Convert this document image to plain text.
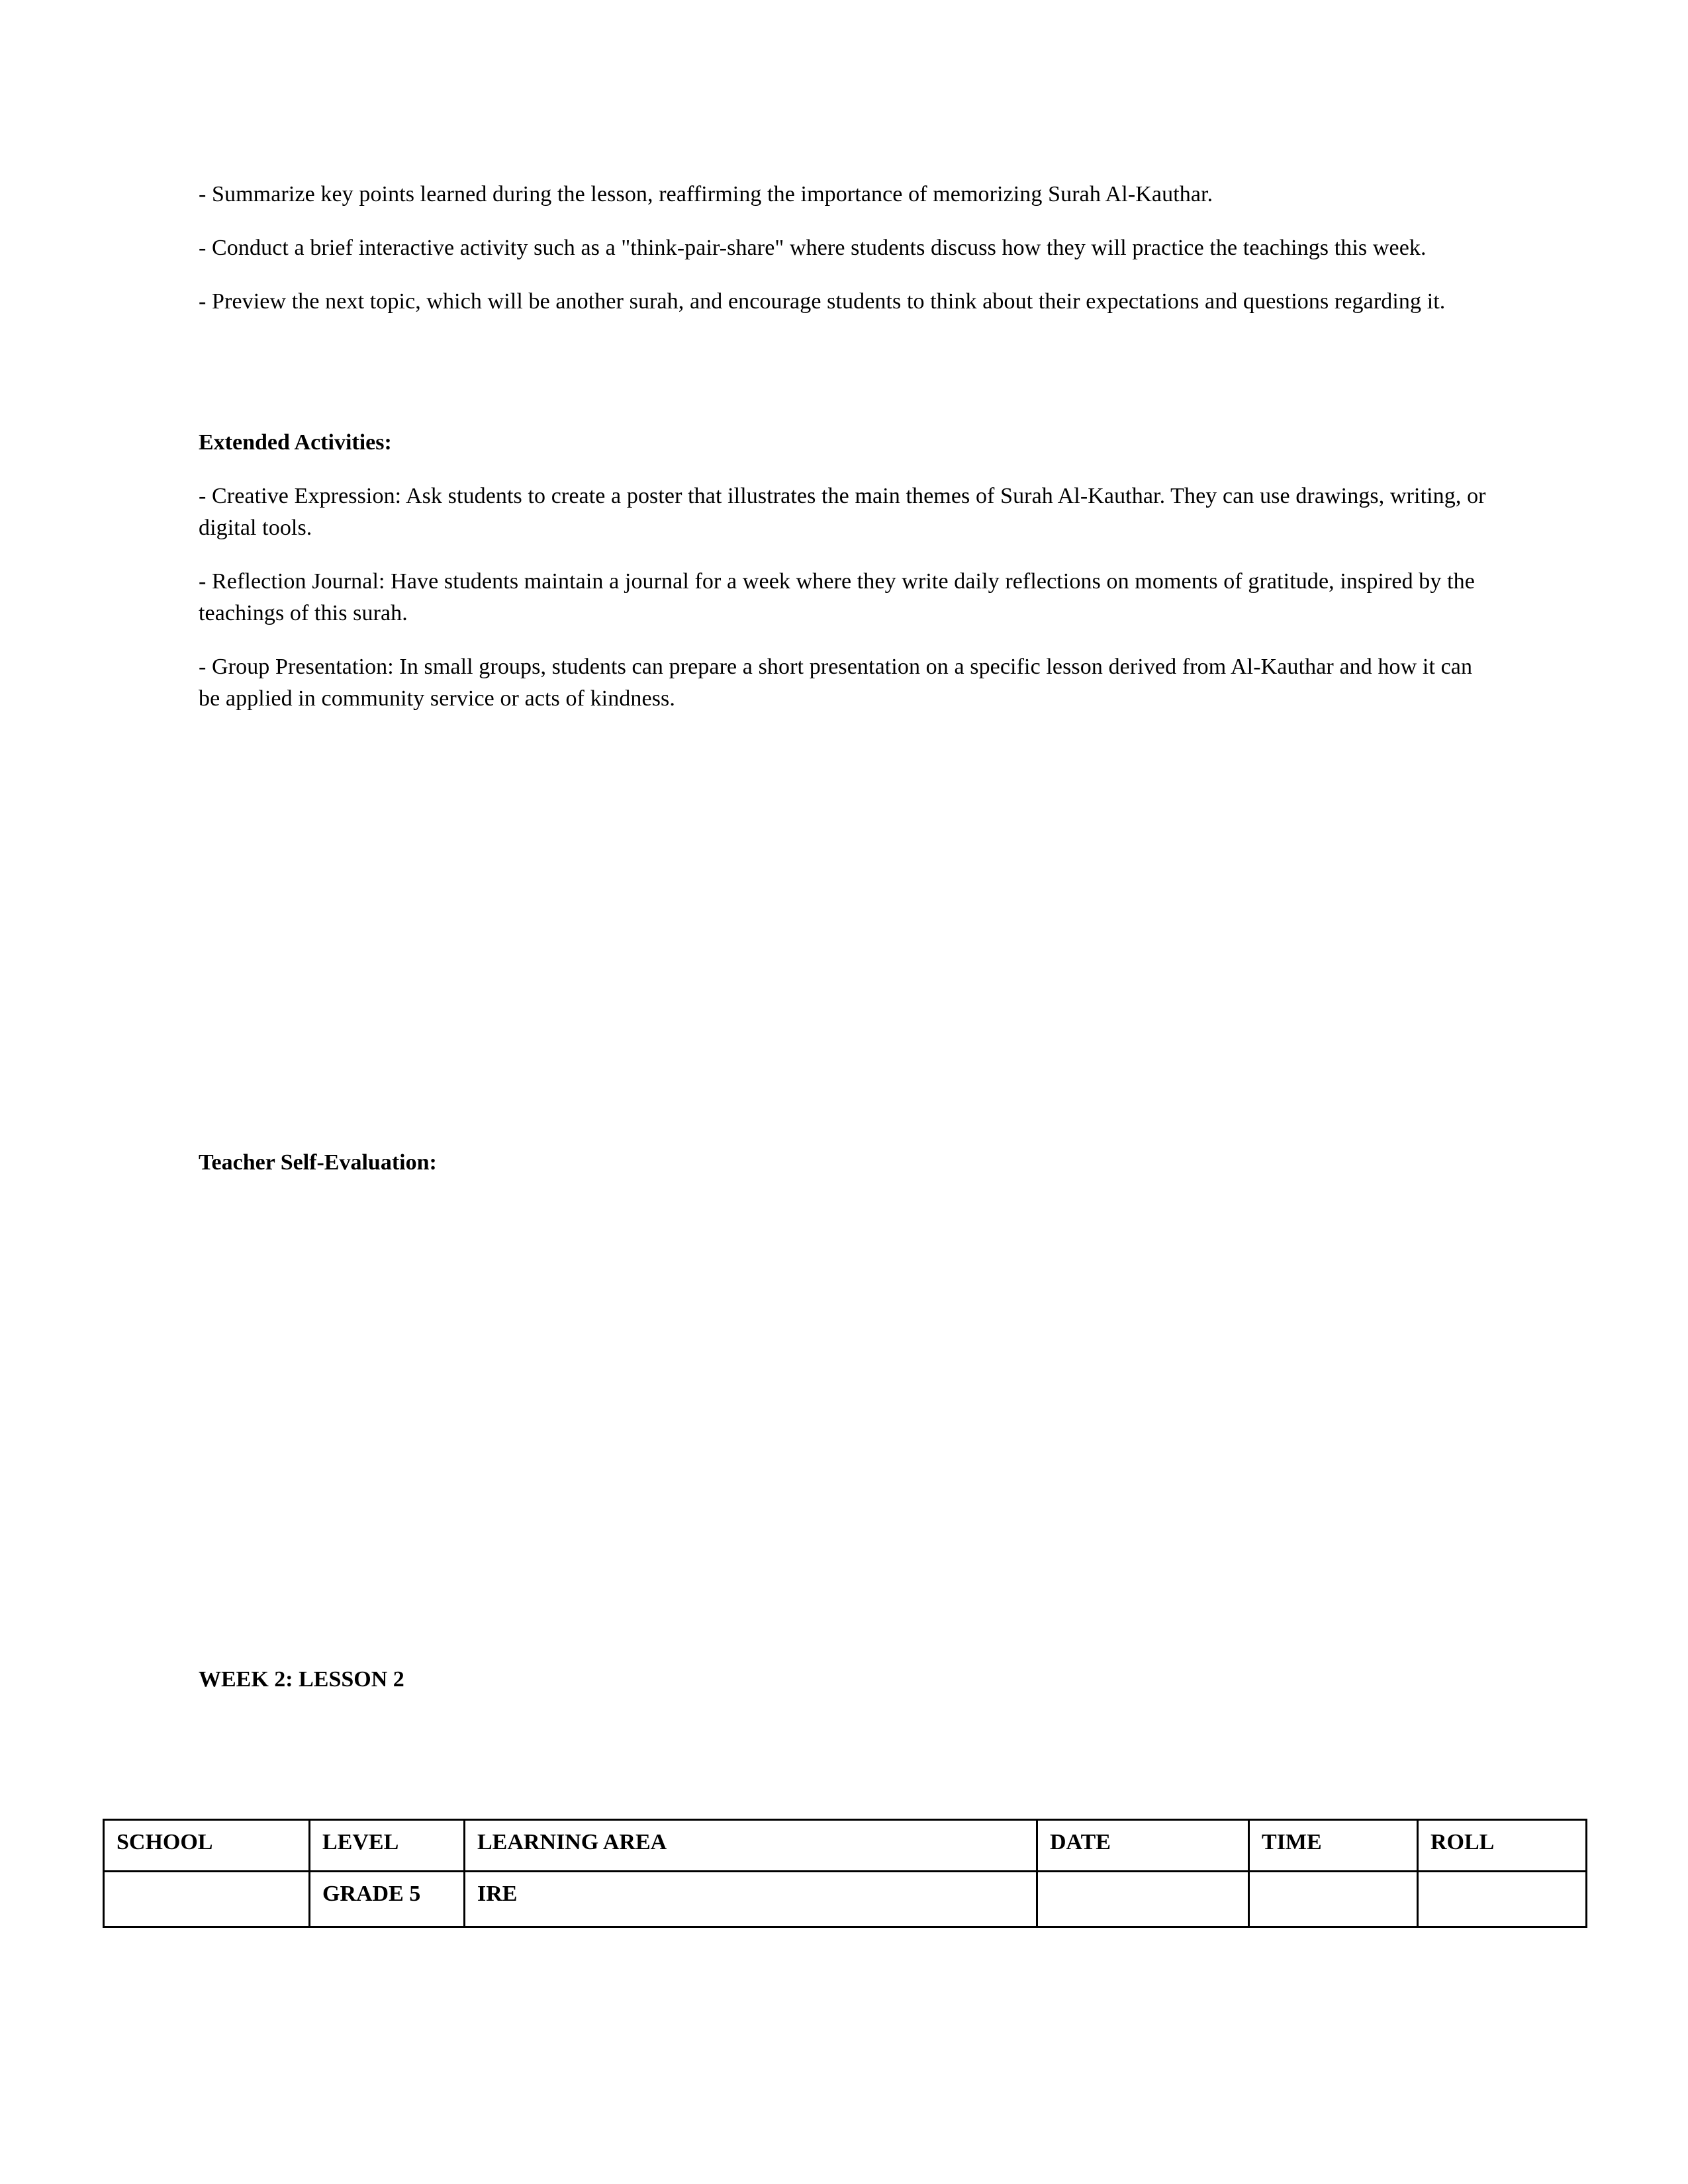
- Summarize key points learned during the lesson, reaffirming the importance of memorizing Surah Al-Kauthar.

- Conduct a brief interactive activity such as a "think-pair-share" where students discuss how they will practice the teachings this week.

- Preview the next topic, which will be another surah, and encourage students to think about their expectations and questions regarding it.

Extended Activities:

- Creative Expression: Ask students to create a poster that illustrates the main themes of Surah Al-Kauthar. They can use drawings, writing, or digital tools.

- Reflection Journal: Have students maintain a journal for a week where they write daily reflections on moments of gratitude, inspired by the teachings of this surah.

- Group Presentation: In small groups, students can prepare a short presentation on a specific lesson derived from Al-Kauthar and how it can be applied in community service or acts of kindness.

Teacher Self-Evaluation:

WEEK 2: LESSON 2

SCHOOL	LEVEL	LEARNING AREA	DATE	TIME	ROLL
	GRADE 5	IRE			
